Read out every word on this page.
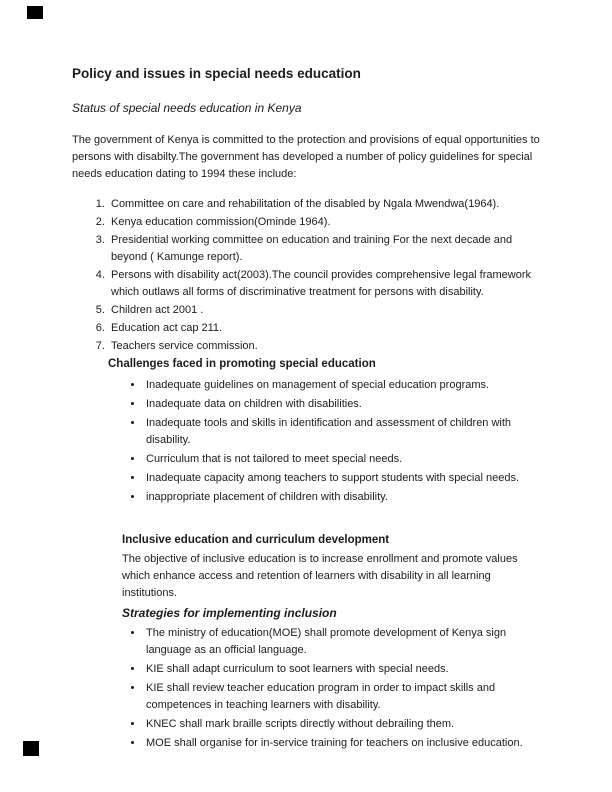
Policy and issues in special needs education
Status of special needs education in Kenya

The government of Kenya is committed to the protection and provisions of equal opportunities to persons with disabilty.The government has developed a number of policy guidelines for special needs education dating to 1994 these include:

1. Committee on care and rehabilitation of the disabled by Ngala Mwendwa(1964).
2. Kenya education commission(Ominde 1964).
3. Presidential working committee on education and training For the next decade and beyond ( Kamunge report).
4. Persons with disability act(2003).The council provides comprehensive legal framework which outlaws all forms of discriminative treatment for persons with disability.
5. Children act 2001 .
6. Education act cap 211.
7. Teachers service commission.
Challenges faced in promoting special education
• Inadequate guidelines on management of special education programs.
• Inadequate data on children with disabilities.
• Inadequate tools and skills in identification and assessment of children with disability.
• Curriculum that is not tailored to meet special needs.
• Inadequate capacity among teachers to support students with special needs.
• inappropriate placement of children with disability.
Inclusive education and curriculum development

The objective of inclusive education is to increase enrollment and promote values which enhance access and retention of learners with disability in all learning institutions.

Strategies for implementing inclusion
• The ministry of education(MOE) shall promote development of Kenya sign language as an official language.
• KIE shall adapt curriculum to soot learners with special needs.
• KIE shall review teacher education program in order to impact skills and competences in teaching learners with disability.
• KNEC shall mark braille scripts directly without debrailing them.
• MOE shall organise for in-service training for teachers on inclusive education.
